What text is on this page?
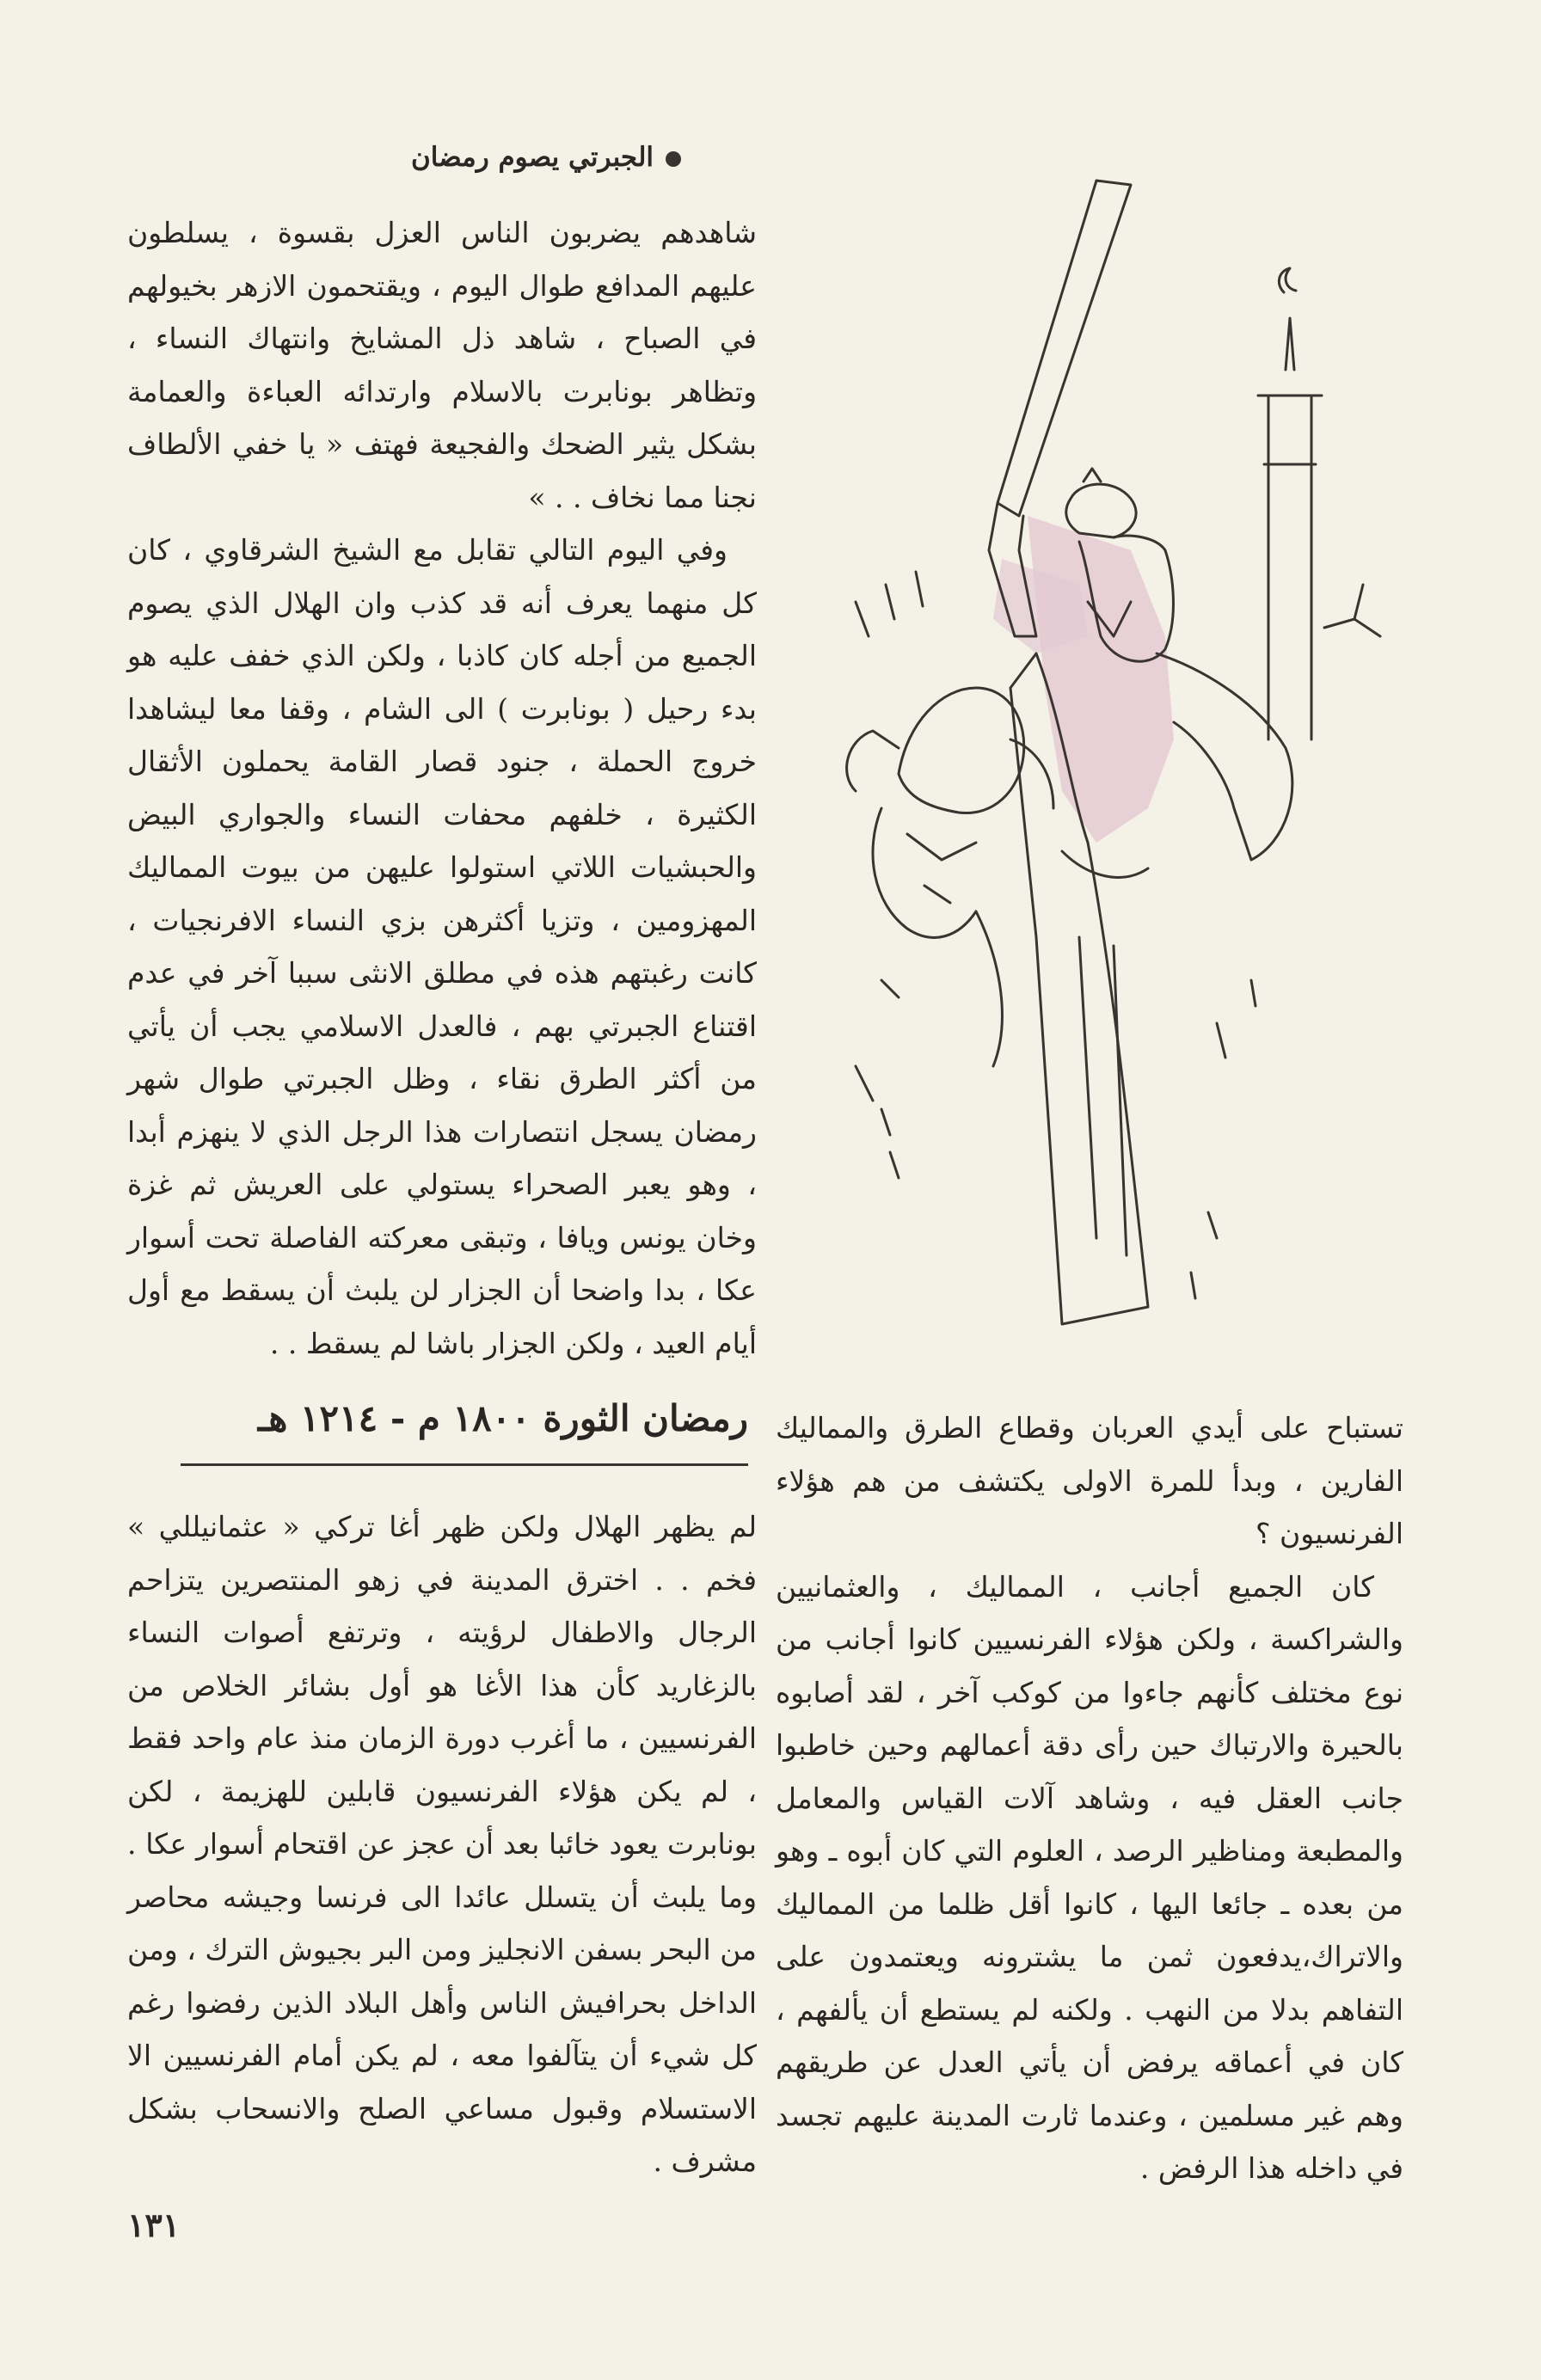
الجبرتي يصوم رمضان

شاهدهم يضربون الناس العزل بقسوة ، يسلطون عليهم المدافع طوال اليوم ، ويقتحمون الازهر بخيولهم في الصباح ، شاهد ذل المشايخ وانتهاك النساء ، وتظاهر بونابرت بالاسلام وارتدائه العباءة والعمامة بشكل يثير الضحك والفجيعة فهتف « يا خفي الألطاف نجنا مما نخاف . . »

وفي اليوم التالي تقابل مع الشيخ الشرقاوي ، كان كل منهما يعرف أنه قد كذب وان الهلال الذي يصوم الجميع من أجله كان كاذبا ، ولكن الذي خفف عليه هو بدء رحيل ( بونابرت ) الى الشام ، وقفا معا ليشاهدا خروج الحملة ، جنود قصار القامة يحملون الأثقال الكثيرة ، خلفهم محفات النساء والجواري البيض والحبشيات اللاتي استولوا عليهن من بيوت المماليك المهزومين ، وتزيا أكثرهن بزي النساء الافرنجيات ، كانت رغبتهم هذه في مطلق الانثى سببا آخر في عدم اقتناع الجبرتي بهم ، فالعدل الاسلامي يجب أن يأتي من أكثر الطرق نقاء ، وظل الجبرتي طوال شهر رمضان يسجل انتصارات هذا الرجل الذي لا ينهزم أبدا ، وهو يعبر الصحراء يستولي على العريش ثم غزة وخان يونس ويافا ، وتبقى معركته الفاصلة تحت أسوار عكا ، بدا واضحا أن الجزار لن يلبث أن يسقط مع أول أيام العيد ، ولكن الجزار باشا لم يسقط . .

رمضان الثورة ١٨٠٠ م - ١٢١٤ هـ تستباح على أيدي العربان وقطاع الطرق والمماليك الفارين ، وبدأ للمرة الاولى يكتشف من هم هؤلاء الفرنسيون ؟

كان الجميع أجانب ، المماليك ، والعثمانيين والشراكسة ، ولكن هؤلاء الفرنسيين كانوا أجانب من نوع مختلف كأنهم جاءوا من كوكب آخر ، لقد أصابوه بالحيرة والارتباك حين رأى دقة أعمالهم وحين خاطبوا جانب العقل فيه ، وشاهد آلات القياس والمعامل والمطبعة ومناظير الرصد ، العلوم التي كان أبوه ـ وهو من بعده ـ جائعا اليها ، كانوا أقل ظلما من المماليك والاتراك،يدفعون ثمن ما يشترونه ويعتمدون على التفاهم بدلا من النهب . ولكنه لم يستطع أن يألفهم ، كان في أعماقه يرفض أن يأتي العدل عن طريقهم وهم غير مسلمين ، وعندما ثارت المدينة عليهم تجسد في داخله هذا الرفض .

لم يظهر الهلال ولكن ظهر أغا تركي « عثمانيللي » فخم . . اخترق المدينة في زهو المنتصرين يتزاحم الرجال والاطفال لرؤيته ، وترتفع أصوات النساء بالزغاريد كأن هذا الأغا هو أول بشائر الخلاص من الفرنسيين ، ما أغرب دورة الزمان منذ عام واحد فقط ، لم يكن هؤلاء الفرنسيون قابلين للهزيمة ، لكن بونابرت يعود خائبا بعد أن عجز عن اقتحام أسوار عكا . وما يلبث أن يتسلل عائدا الى فرنسا وجيشه محاصر من البحر بسفن الانجليز ومن البر بجيوش الترك ، ومن الداخل بحرافيش الناس وأهل البلاد الذين رفضوا رغم كل شيء أن يتآلفوا معه ، لم يكن أمام الفرنسيين الا الاستسلام وقبول مساعي الصلح والانسحاب بشكل مشرف .

١٣١
